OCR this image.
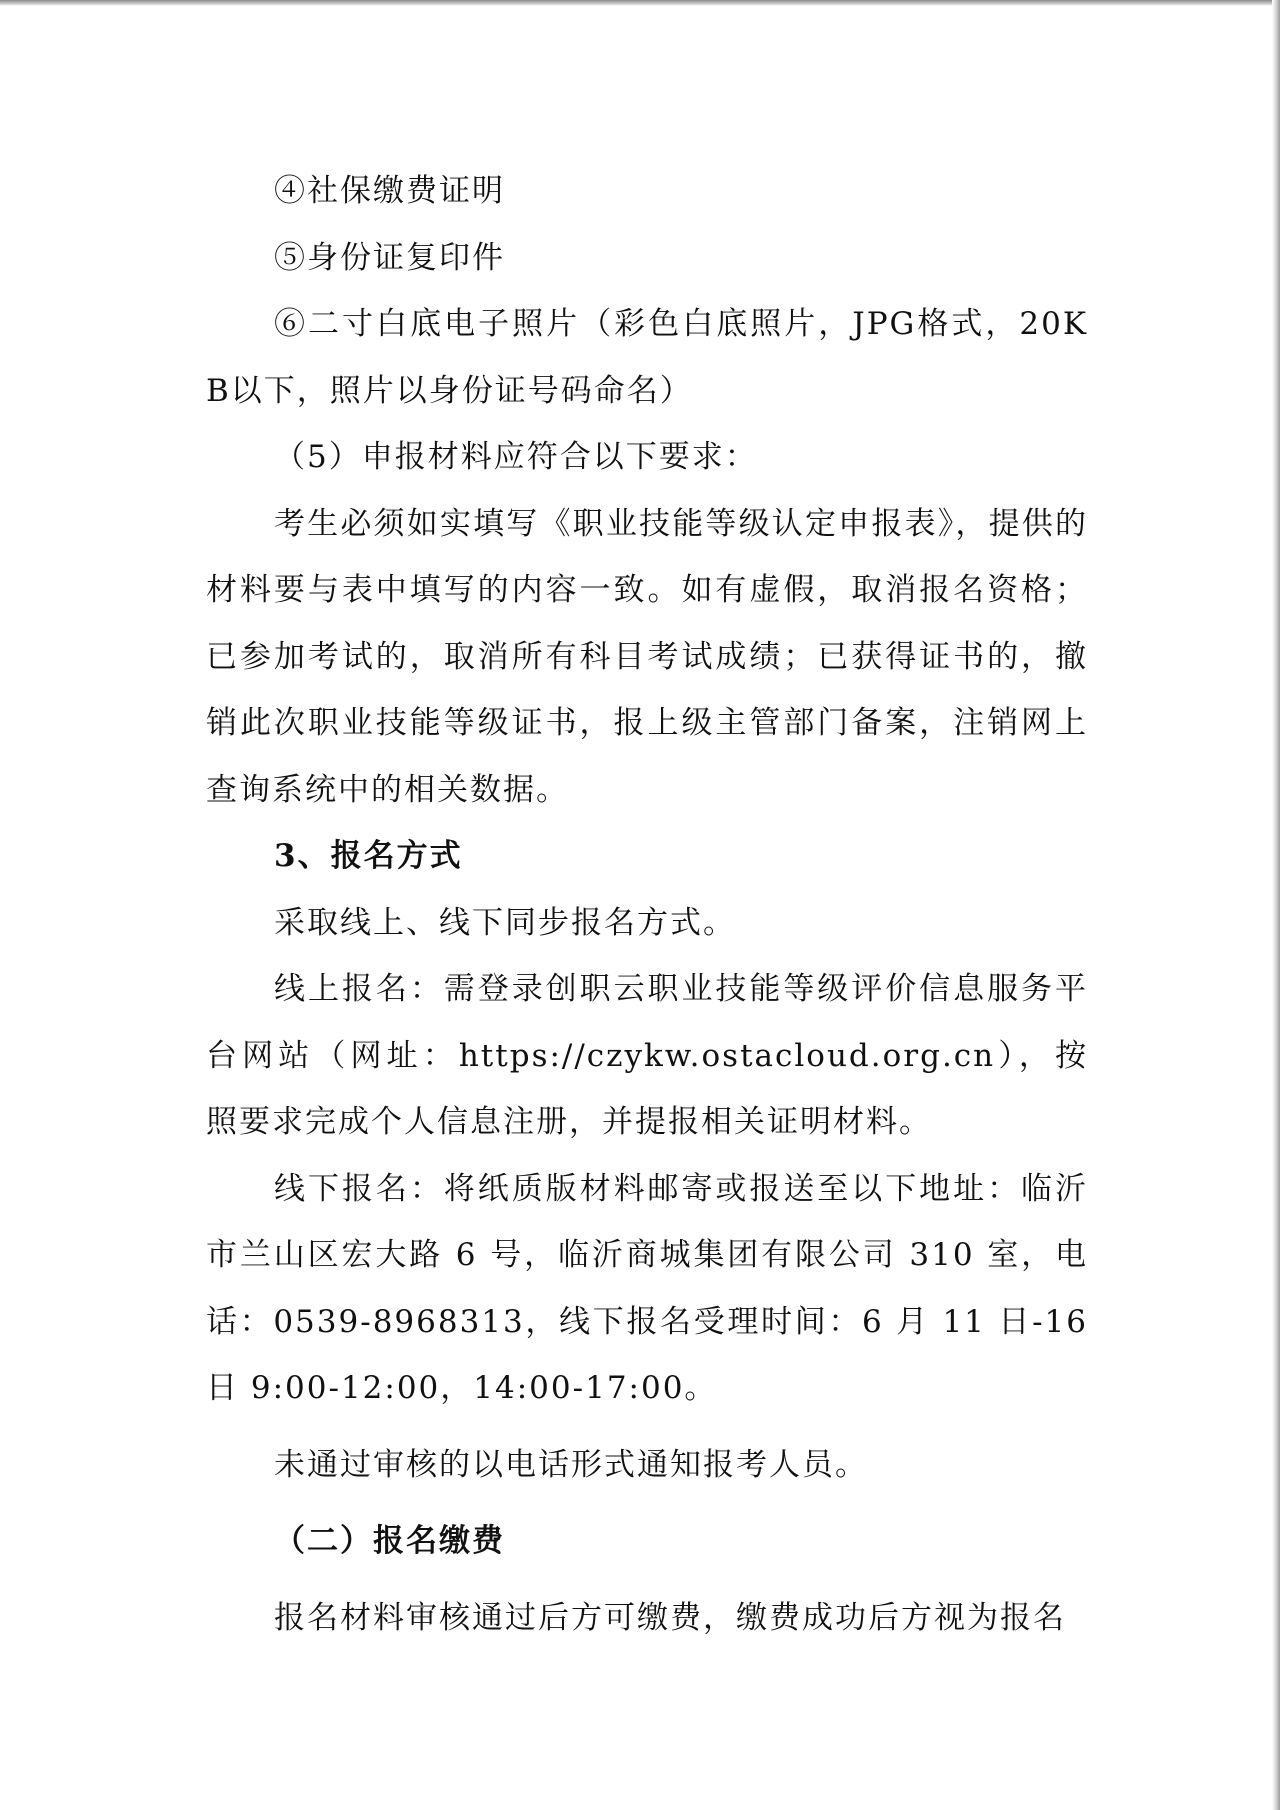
④社保缴费证明

⑤身份证复印件

⑥二寸白底电子照片（彩色白底照片，JPG格式，20KB以下，照片以身份证号码命名）

（5）申报材料应符合以下要求：

考生必须如实填写《职业技能等级认定申报表》，提供的材料要与表中填写的内容一致。如有虚假，取消报名资格；已参加考试的，取消所有科目考试成绩；已获得证书的，撤销此次职业技能等级证书，报上级主管部门备案，注销网上查询系统中的相关数据。

3、报名方式

采取线上、线下同步报名方式。

线上报名：需登录创职云职业技能等级评价信息服务平台网站（网址：https://czykw.ostacloud.org.cn），按照要求完成个人信息注册，并提报相关证明材料。

线下报名：将纸质版材料邮寄或报送至以下地址：临沂市兰山区宏大路 6 号，临沂商城集团有限公司 310 室，电话：0539-8968313，线下报名受理时间：6 月 11 日-16 日 9:00-12:00，14:00-17:00。

未通过审核的以电话形式通知报考人员。

（二）报名缴费

报名材料审核通过后方可缴费，缴费成功后方视为报名
